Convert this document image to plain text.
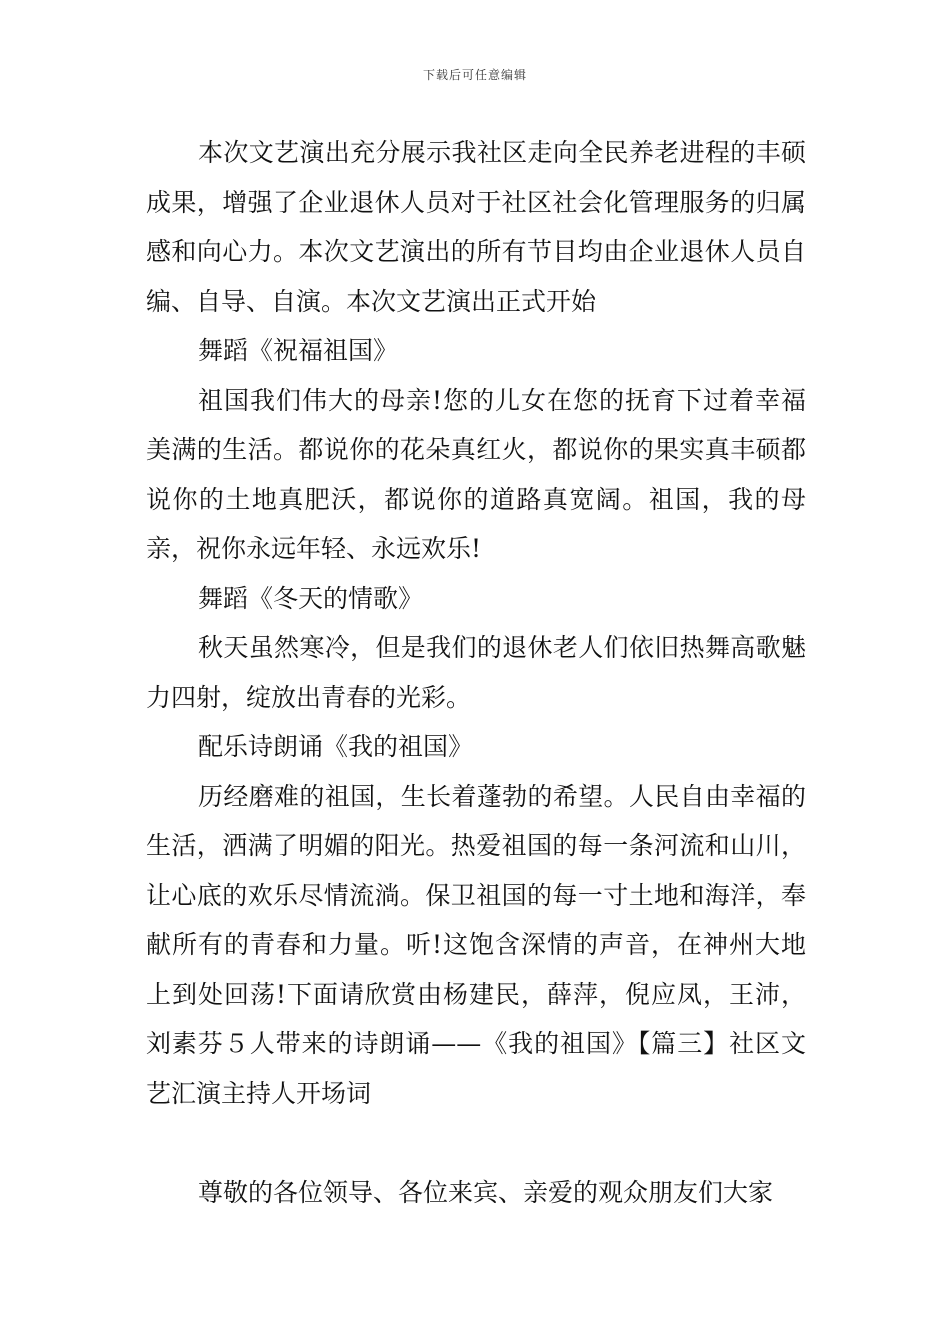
下载后可任意编辑

本次文艺演出充分展示我社区走向全民养老进程的丰硕成果，增强了企业退休人员对于社区社会化管理服务的归属感和向心力。本次文艺演出的所有节目均由企业退休人员自编、自导、自演。本次文艺演出正式开始

舞蹈《祝福祖国》

祖国我们伟大的母亲!您的儿女在您的抚育下过着幸福美满的生活。都说你的花朵真红火，都说你的果实真丰硕都说你的土地真肥沃，都说你的道路真宽阔。祖国，我的母亲，祝你永远年轻、永远欢乐!

舞蹈《冬天的情歌》

秋天虽然寒冷，但是我们的退休老人们依旧热舞高歌魅力四射，绽放出青春的光彩。

配乐诗朗诵《我的祖国》

历经磨难的祖国，生长着蓬勃的希望。人民自由幸福的生活，洒满了明媚的阳光。热爱祖国的每一条河流和山川，让心底的欢乐尽情流淌。保卫祖国的每一寸土地和海洋，奉献所有的青春和力量。听!这饱含深情的声音，在神州大地上到处回荡!下面请欣赏由杨建民，薛萍，倪应凤，王沛，刘素芬５人带来的诗朗诵——《我的祖国》【篇三】社区文艺汇演主持人开场词

尊敬的各位领导、各位来宾、亲爱的观众朋友们大家
